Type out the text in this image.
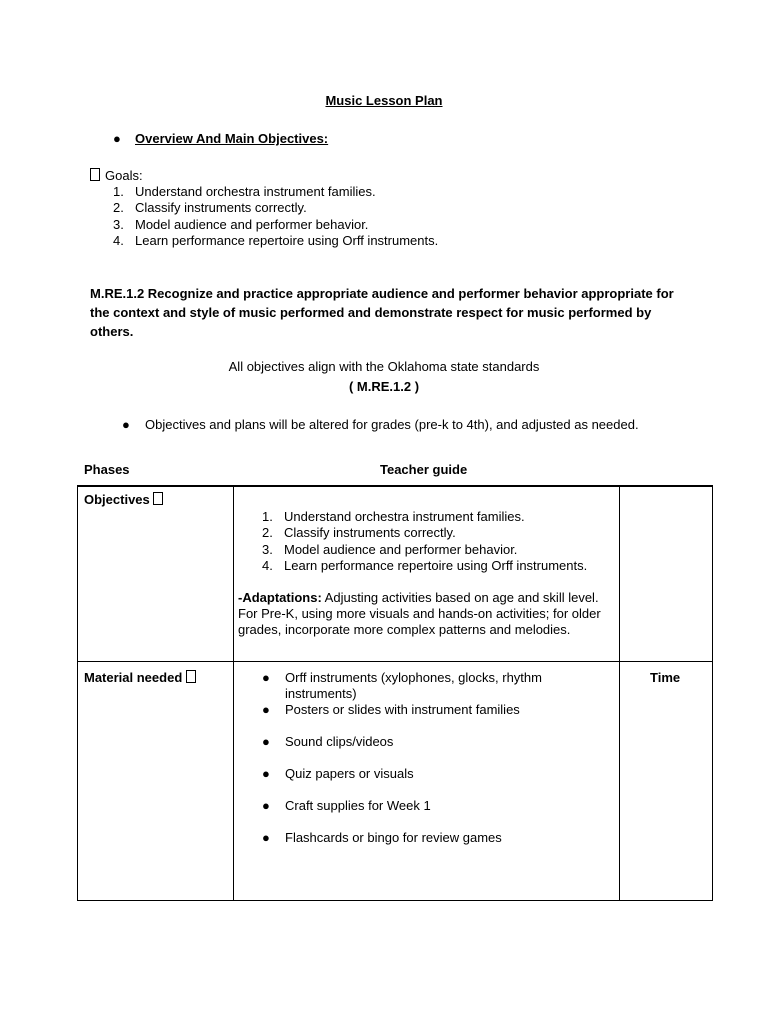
Music Lesson Plan
● Overview And Main Objectives:
Goals:
1. Understand orchestra instrument families.
2. Classify instruments correctly.
3. Model audience and performer behavior.
4. Learn performance repertoire using Orff instruments.
M.RE.1.2 Recognize and practice appropriate audience and performer behavior appropriate for the context and style of music performed and demonstrate respect for music performed by others.
All objectives align with the Oklahoma state standards
( M.RE.1.2 )
● Objectives and plans will be altered for grades (pre-k to 4th), and adjusted as needed.
Phases	Teacher guide
Objectives
1. Understand orchestra instrument families.
2. Classify instruments correctly.
3. Model audience and performer behavior.
4. Learn performance repertoire using Orff instruments.
-Adaptations: Adjusting activities based on age and skill level. For Pre-K, using more visuals and hands-on activities; for older grades, incorporate more complex patterns and melodies.
Material needed	Time
● Orff instruments (xylophones, glocks, rhythm instruments)
● Posters or slides with instrument families
● Sound clips/videos
● Quiz papers or visuals
● Craft supplies for Week 1
● Flashcards or bingo for review games
